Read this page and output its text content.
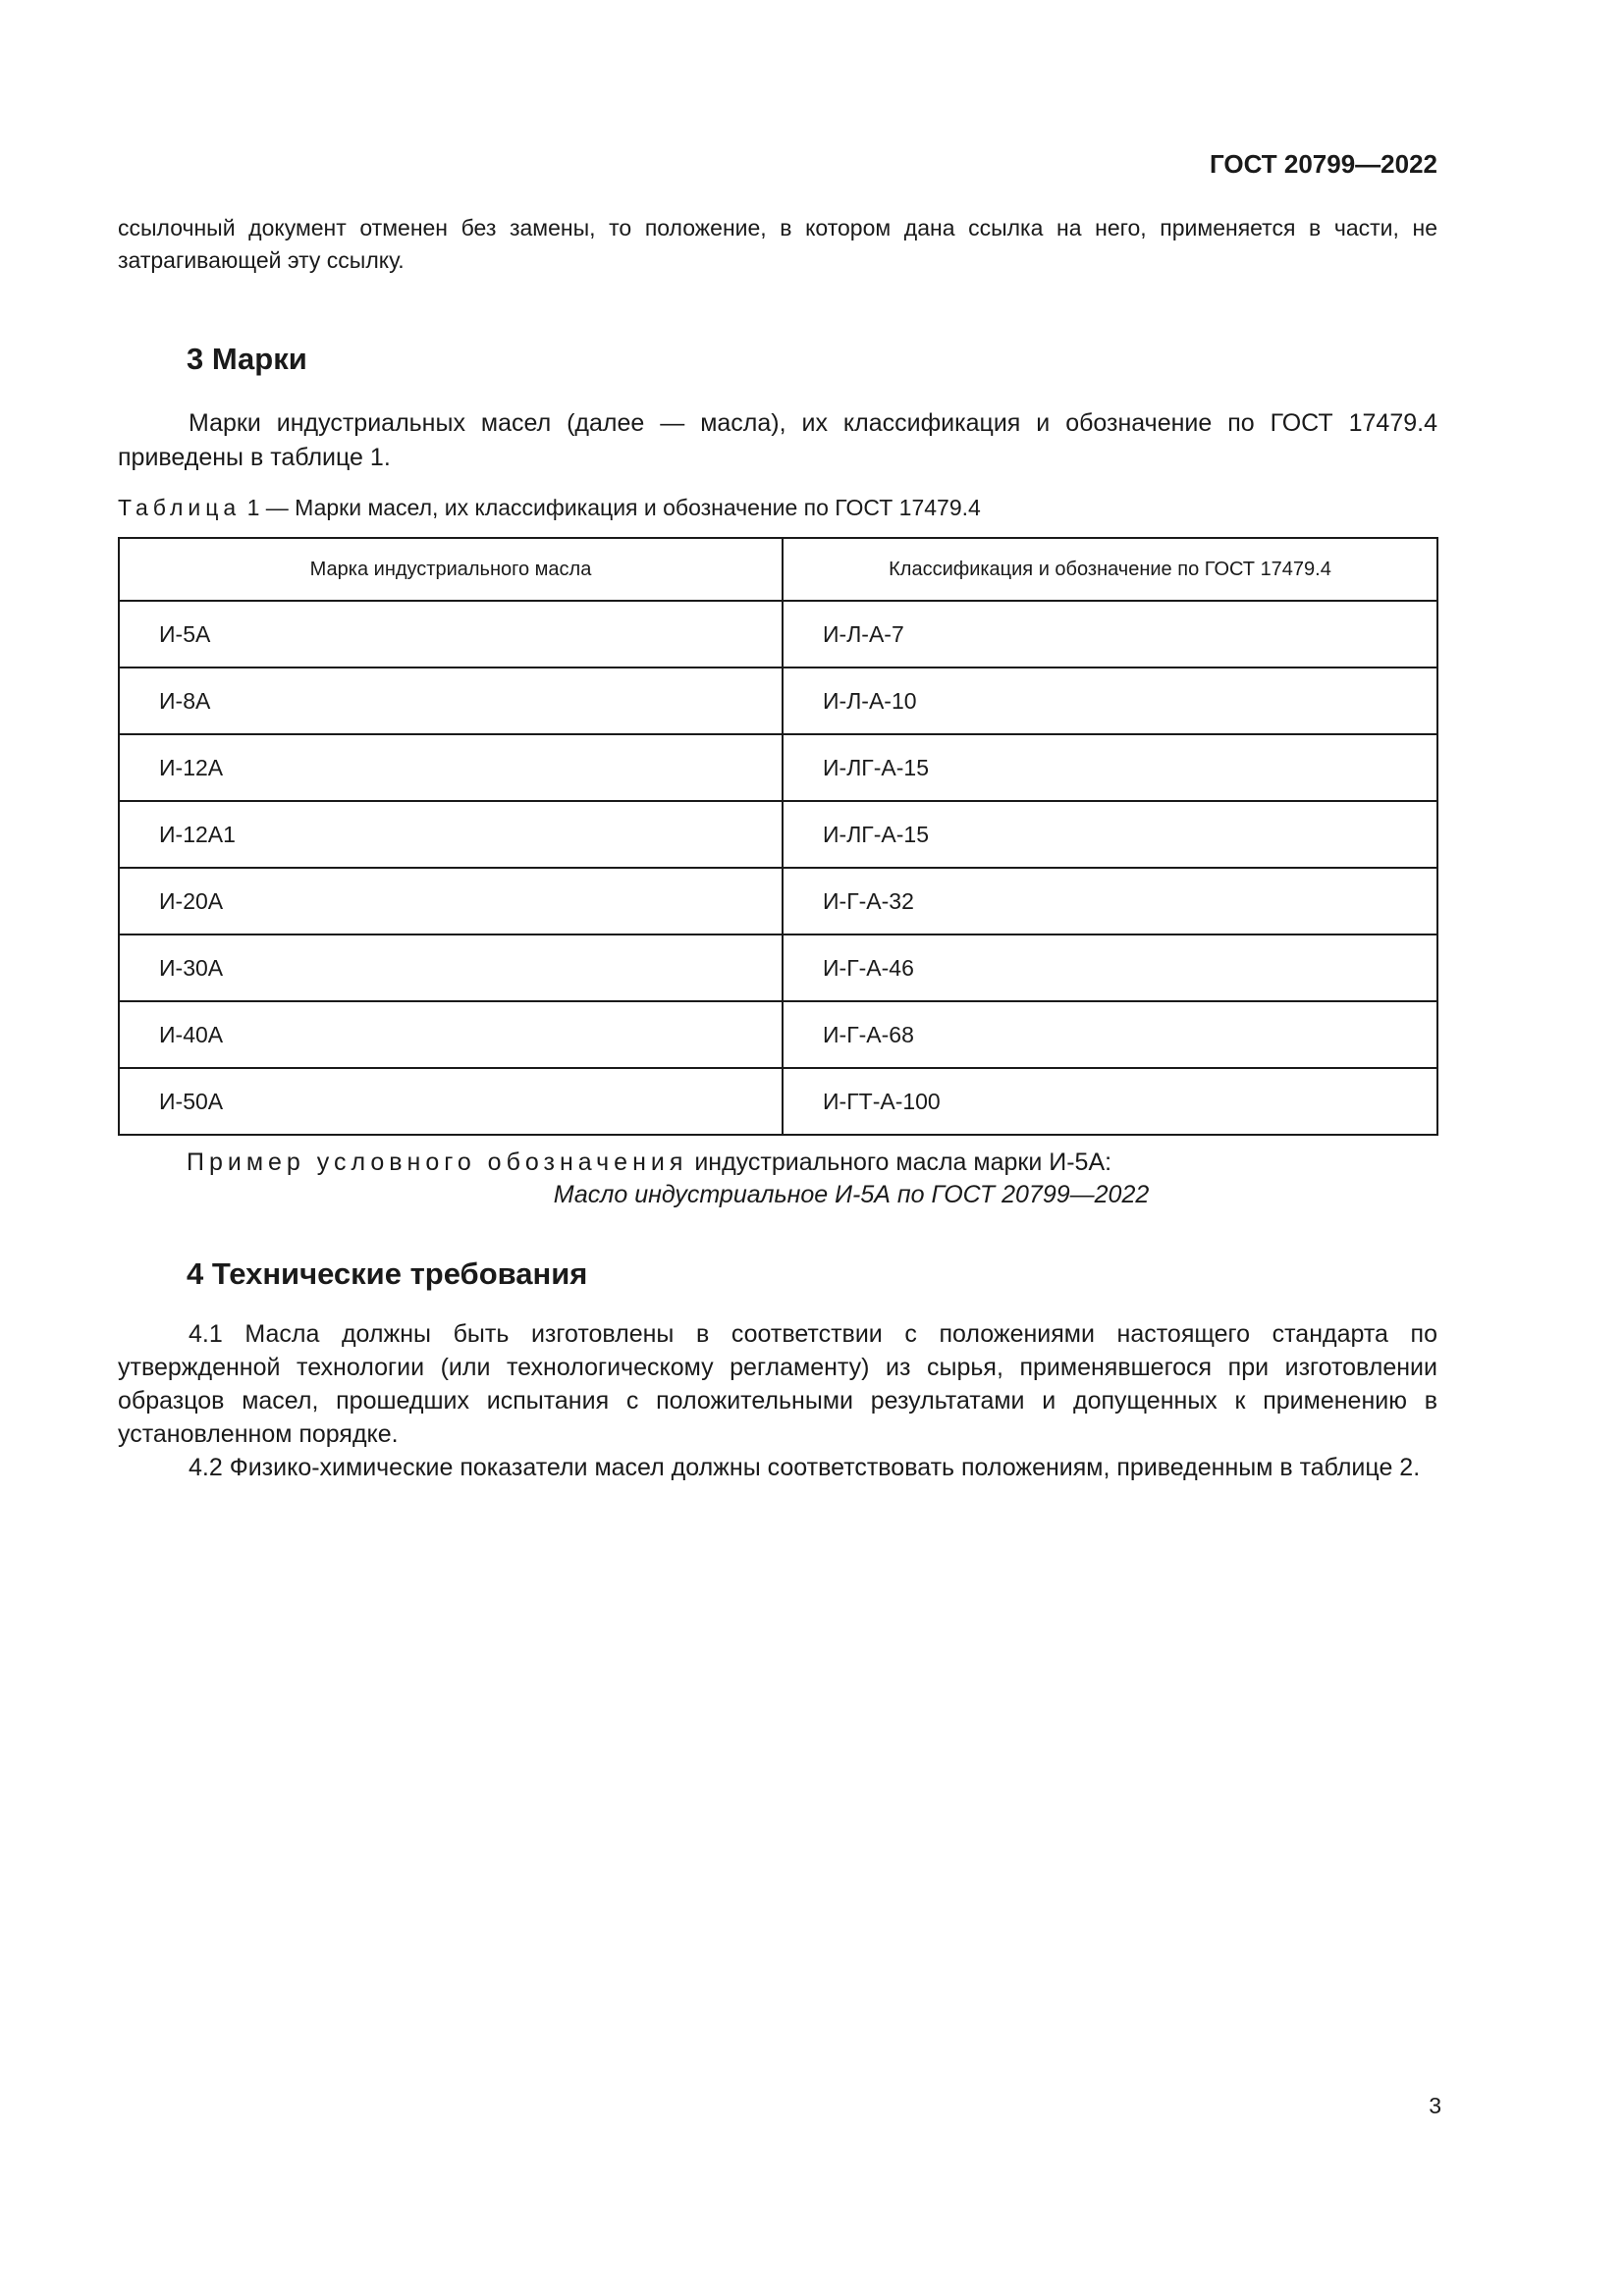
ГОСТ 20799—2022

ссылочный документ отменен без замены, то положение, в котором дана ссылка на него, применяется в части, не затрагивающей эту ссылку.

3 Марки

Марки индустриальных масел (далее — масла), их классификация и обозначение по ГОСТ 17479.4 приведены в таблице 1.

Таблица 1 — Марки масел, их классификация и обозначение по ГОСТ 17479.4
Марка индустриального масла	Классификация и обозначение по ГОСТ 17479.4
И-5А	И-Л-А-7
И-8А	И-Л-А-10
И-12А	И-ЛГ-А-15
И-12А1	И-ЛГ-А-15
И-20А	И-Г-А-32
И-30А	И-Г-А-46
И-40А	И-Г-А-68
И-50А	И-ГТ-А-100
Пример условного обозначения индустриального масла марки И-5А:
Масло индустриальное И-5А по ГОСТ 20799—2022
4 Технические требования

4.1 Масла должны быть изготовлены в соответствии с положениями настоящего стандарта по утвержденной технологии (или технологическому регламенту) из сырья, применявшегося при изготовлении образцов масел, прошедших испытания с положительными результатами и допущенных к применению в установленном порядке.

4.2 Физико-химические показатели масел должны соответствовать положениям, приведенным в таблице 2.

3
